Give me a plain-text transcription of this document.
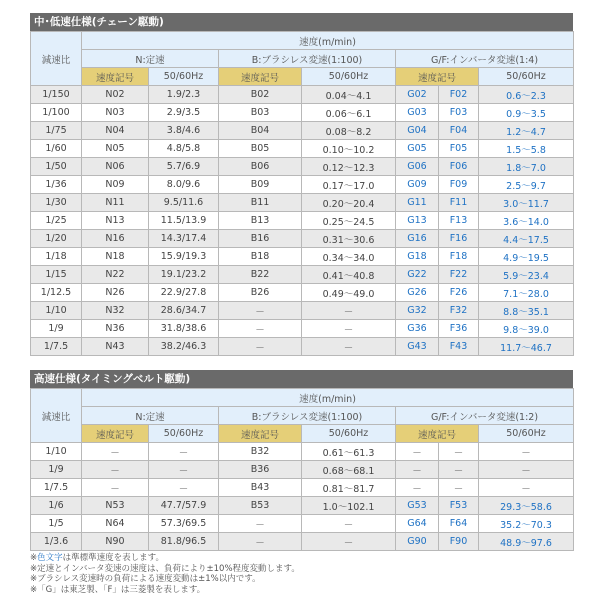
中･低速仕様(チェーン駆動)
減速比	速度(m/min)						
	N:定速		B:ブラシレス変速(1:100)		G/F:インバータ変速(1:4)		
	速度記号	50/60Hz	速度記号	50/60Hz	速度記号		50/60Hz
1/150	N02	1.9/2.3	B02	0.04～4.1	G02	F02	0.6～2.3
1/100	N03	2.9/3.5	B03	0.06～6.1	G03	F03	0.9～3.5
1/75	N04	3.8/4.6	B04	0.08～8.2	G04	F04	1.2～4.7
1/60	N05	4.8/5.8	B05	0.10～10.2	G05	F05	1.5～5.8
1/50	N06	5.7/6.9	B06	0.12～12.3	G06	F06	1.8～7.0
1/36	N09	8.0/9.6	B09	0.17～17.0	G09	F09	2.5～9.7
1/30	N11	9.5/11.6	B11	0.20～20.4	G11	F11	3.0～11.7
1/25	N13	11.5/13.9	B13	0.25～24.5	G13	F13	3.6～14.0
1/20	N16	14.3/17.4	B16	0.31～30.6	G16	F16	4.4～17.5
1/18	N18	15.9/19.3	B18	0.34～34.0	G18	F18	4.9～19.5
1/15	N22	19.1/23.2	B22	0.41～40.8	G22	F22	5.9～23.4
1/12.5	N26	22.9/27.8	B26	0.49～49.0	G26	F26	7.1～28.0
1/10	N32	28.6/34.7	－	－	G32	F32	8.8～35.1
1/9	N36	31.8/38.6	－	－	G36	F36	9.8～39.0
1/7.5	N43	38.2/46.3	－	－	G43	F43	11.7～46.7
高速仕様(タイミングベルト駆動)
減速比	速度(m/min)						
	N:定速		B:ブラシレス変速(1:100)		G/F:インバータ変速(1:2)		
	速度記号	50/60Hz	速度記号	50/60Hz	速度記号		50/60Hz
1/10	－	－	B32	0.61～61.3	－	－	－
1/9	－	－	B36	0.68～68.1	－	－	－
1/7.5	－	－	B43	0.81～81.7	－	－	－
1/6	N53	47.7/57.9	B53	1.0～102.1	G53	F53	29.3～58.6
1/5	N64	57.3/69.5	－	－	G64	F64	35.2～70.3
1/3.6	N90	81.8/96.5	－	－	G90	F90	48.9～97.6
※色文字は準標準速度を表します。
※定速とインバータ変速の速度は、負荷により±10%程度変動します。
※ブラシレス変速時の負荷による速度変動は±1%以内です。
※「G」は東芝製、「F」は三菱製を表します。
